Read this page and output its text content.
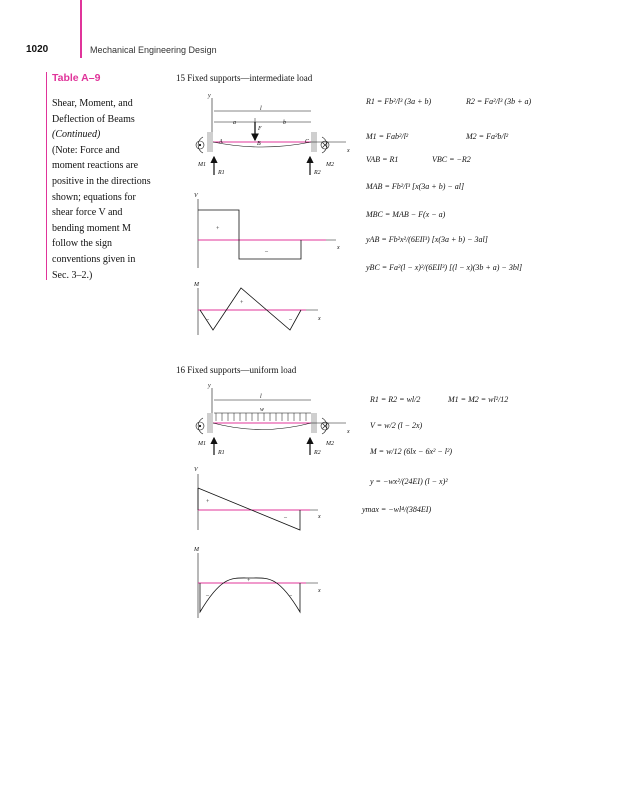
1020	Mechanical Engineering Design
Table A–9
Shear, Moment, and
Deflection of Beams
(Continued)
(Note: Force and
moment reactions are
positive in the directions
shown; equations for
shear force V and
bending moment M
follow the sign
conventions given in
Sec. 3–2.)
15 Fixed supports—intermediate load
16 Fixed supports—uniform load
y
l
a	b
x
F
A	B	C
M1	M2
R1	R2
V
x
+
–
M
x
+
–	–
y
l
w
x
M1	M2
R1	R2
V
x
+
–
M
x
+
–	–
R1 = Fb²/l³ (3a + b)	R2 = Fa²/l³ (3b + a)
M1 = Fab²/l²	M2 = Fa²b/l²
VAB = R1	VBC = −R2
MAB = Fb²/l³ [x(3a + b) − al]
MBC = MAB − F(x − a)
yAB = Fb²x²/(6EIl³) [x(3a + b) − 3al]
yBC = Fa²(l − x)²/(6EIl³) [(l − x)(3b + a) − 3bl]
R1 = R2 = wl/2	M1 = M2 = wl²/12
V = w/2 (l − 2x)
M = w/12 (6lx − 6x² − l²)
y = −wx²/(24EI) (l − x)²
ymax = −wl⁴/(384EI)
